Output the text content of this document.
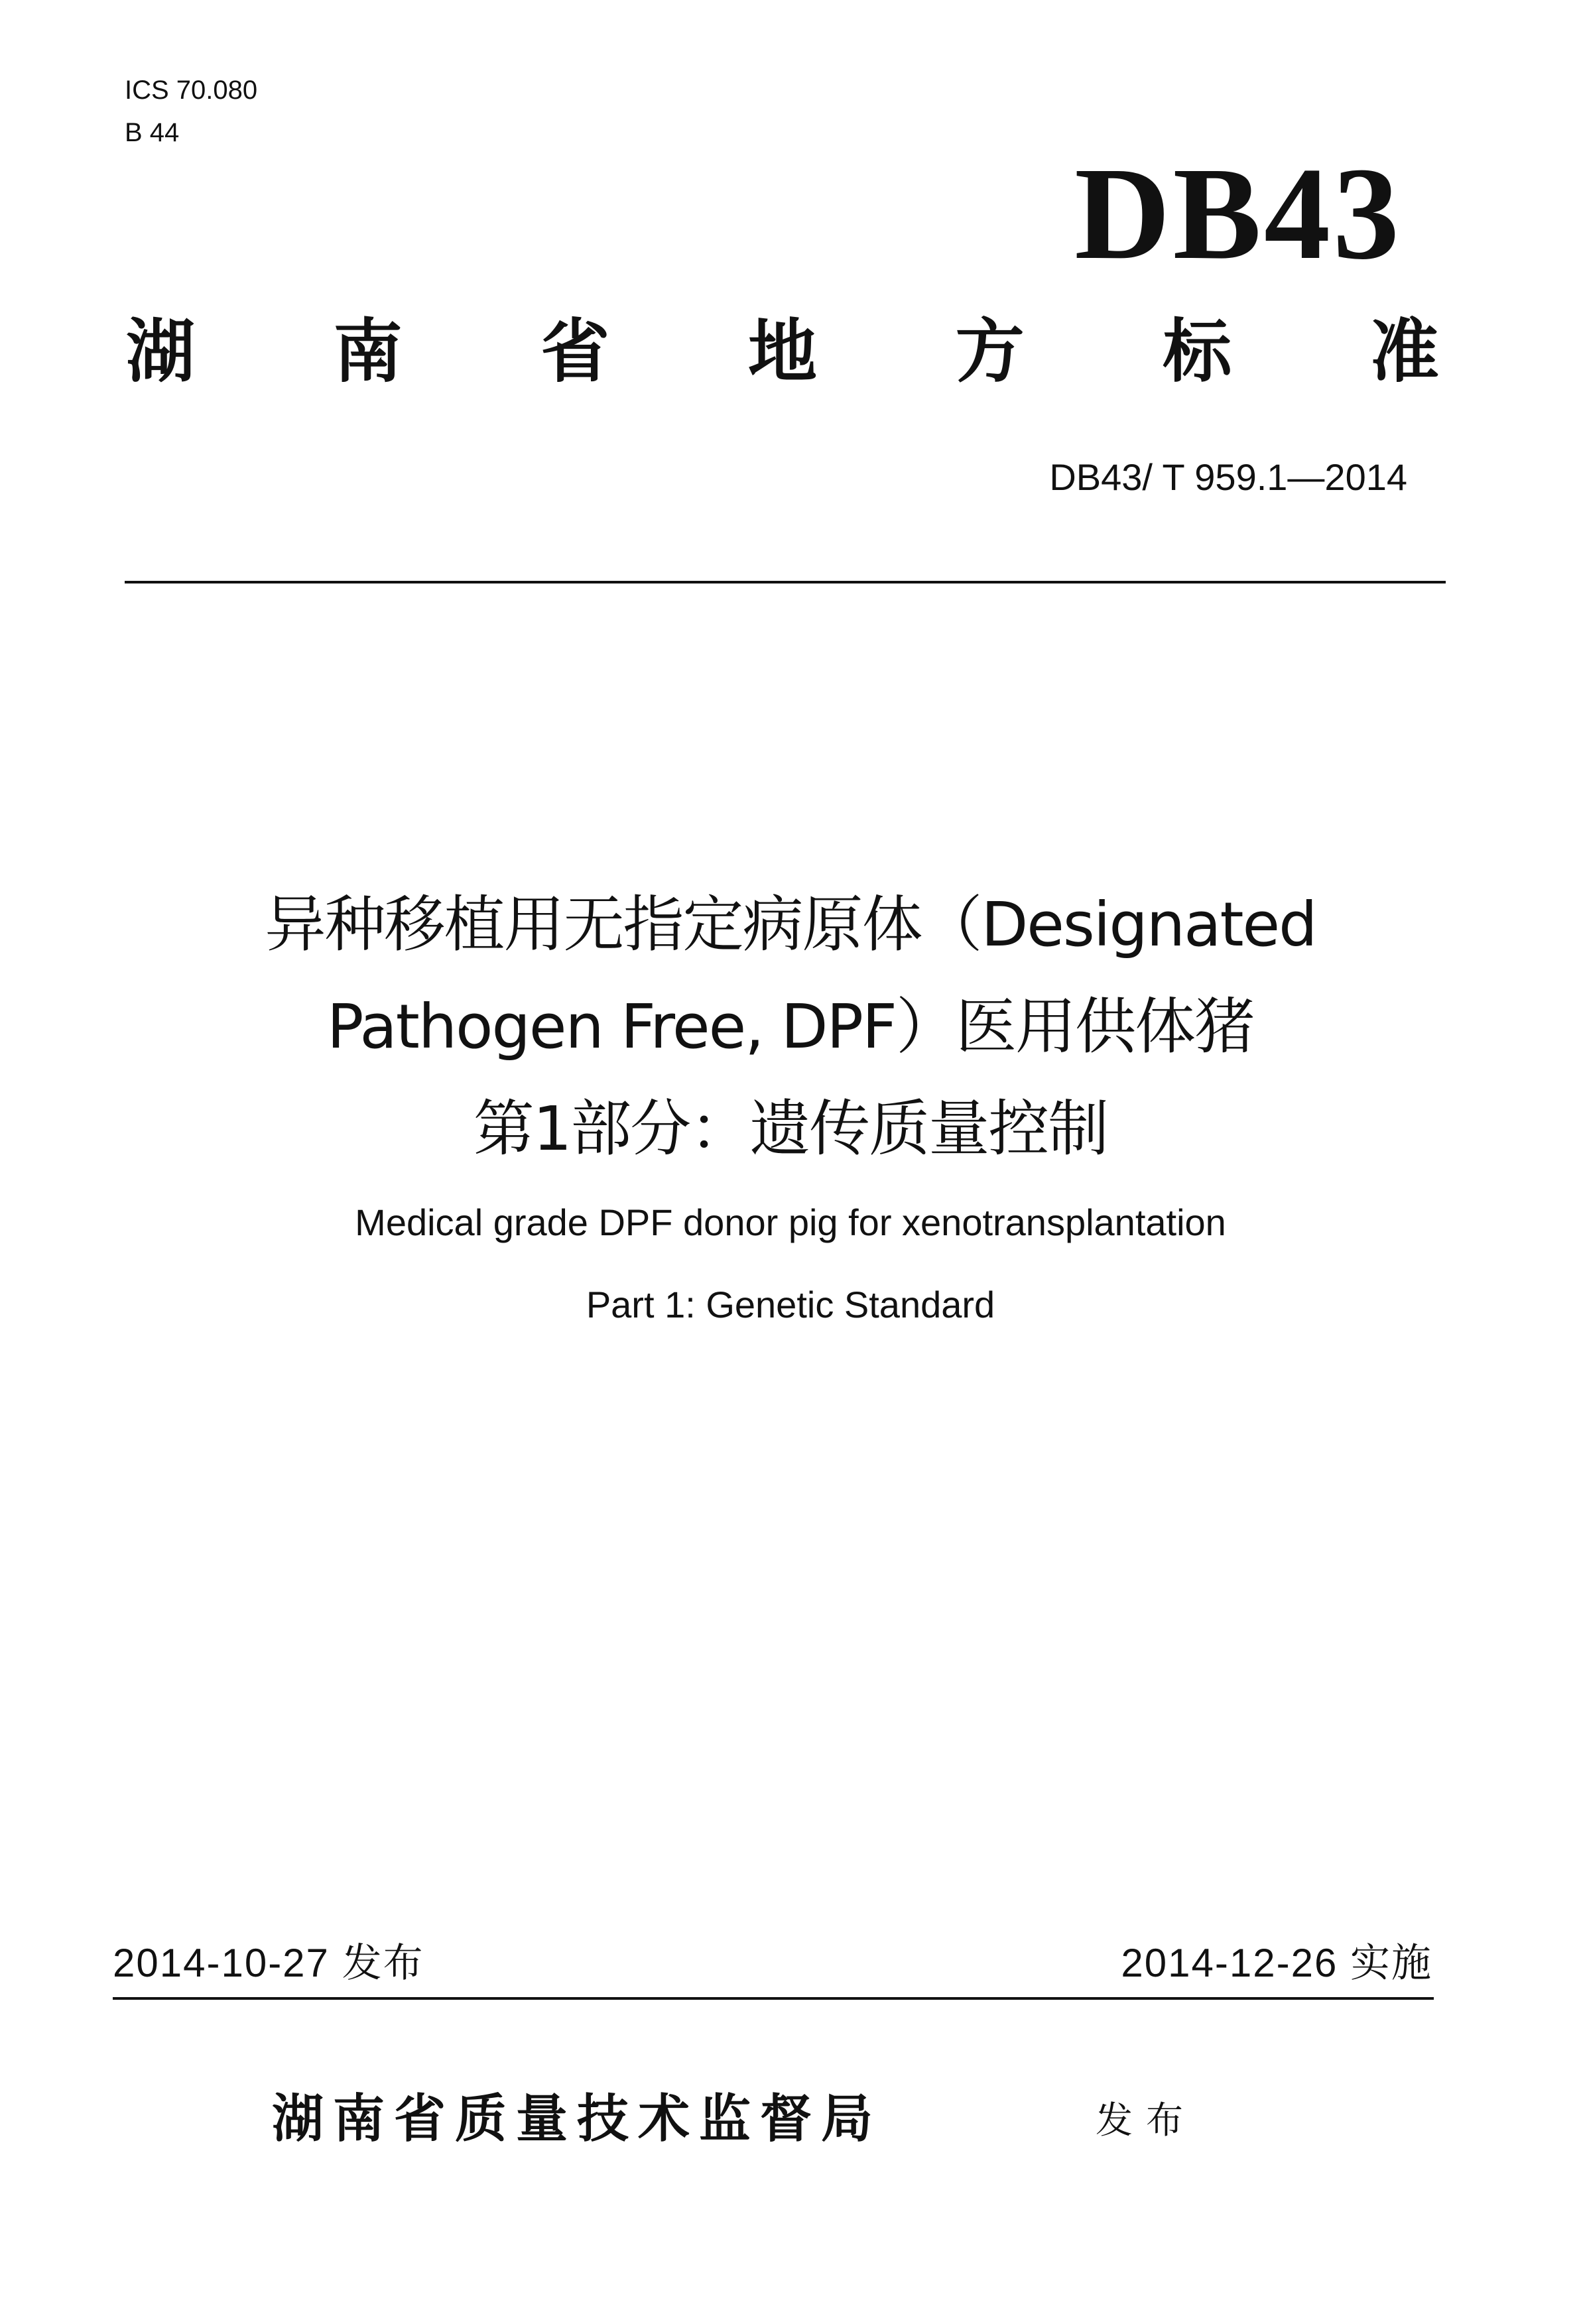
ICS 70.080
B 44
DB43
湖 南 省 地 方 标 准
DB43/ T 959.1—2014
异种移植用无指定病原体（Designated
Pathogen Free, DPF）医用供体猪
第1部分：遗传质量控制
Medical grade DPF donor pig for xenotransplantation
Part 1: Genetic Standard
2014-10-27 发布	2014-12-26 实施
湖南省质量技术监督局	发布
